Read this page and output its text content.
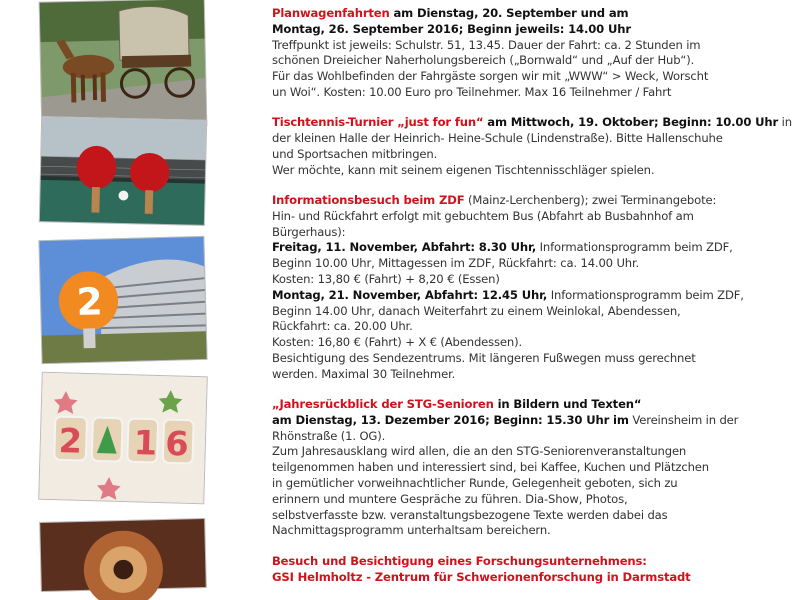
2
2 1 6
Planwagenfahrten am Dienstag, 20. September und am
Montag, 26. September 2016; Beginn jeweils: 14.00 Uhr
Treffpunkt ist jeweils: Schulstr. 51, 13.45. Dauer der Fahrt: ca. 2 Stunden im
schönen Dreieicher Naherholungsbereich („Bornwald“ und „Auf der Hub“).
Für das Wohlbefinden der Fahrgäste sorgen wir mit „WWW“ > Weck, Worscht
un Woi“. Kosten: 10.00 Euro pro Teilnehmer. Max 16 Teilnehmer / Fahrt
Tischtennis-Turnier „just for fun“ am Mittwoch, 19. Oktober; Beginn: 10.00 Uhr in
der kleinen Halle der Heinrich- Heine-Schule (Lindenstraße). Bitte Hallenschuhe
und Sportsachen mitbringen.
Wer möchte, kann mit seinem eigenen Tischtennisschläger spielen.
Informationsbesuch beim ZDF (Mainz-Lerchenberg); zwei Terminangebote:
Hin- und Rückfahrt erfolgt mit gebuchtem Bus (Abfahrt ab Busbahnhof am
Bürgerhaus):
Freitag, 11. November, Abfahrt: 8.30 Uhr, Informationsprogramm beim ZDF,
Beginn 10.00 Uhr, Mittagessen im ZDF, Rückfahrt: ca. 14.00 Uhr.
Kosten: 13,80 € (Fahrt) + 8,20 € (Essen)
Montag, 21. November, Abfahrt: 12.45 Uhr, Informationsprogramm beim ZDF,
Beginn 14.00 Uhr, danach Weiterfahrt zu einem Weinlokal, Abendessen,
Rückfahrt: ca. 20.00 Uhr.
Kosten: 16,80 € (Fahrt) + X € (Abendessen).
Besichtigung des Sendezentrums. Mit längeren Fußwegen muss gerechnet
werden. Maximal 30 Teilnehmer.
„Jahresrückblick der STG-Senioren in Bildern und Texten“
am Dienstag, 13. Dezember 2016; Beginn: 15.30 Uhr im Vereinsheim in der
Rhönstraße (1. OG).
Zum Jahresausklang wird allen, die an den STG-Seniorenveranstaltungen
teilgenommen haben und interessiert sind, bei Kaffee, Kuchen und Plätzchen
in gemütlicher vorweihnachtlicher Runde, Gelegenheit geboten, sich zu
erinnern und muntere Gespräche zu führen. Dia-Show, Photos,
selbstverfasste bzw. veranstaltungsbezogene Texte werden dabei das
Nachmittagsprogramm unterhaltsam bereichern.
Besuch und Besichtigung eines Forschungsunternehmens:
GSI Helmholtz - Zentrum für Schwerionenforschung in Darmstadt
